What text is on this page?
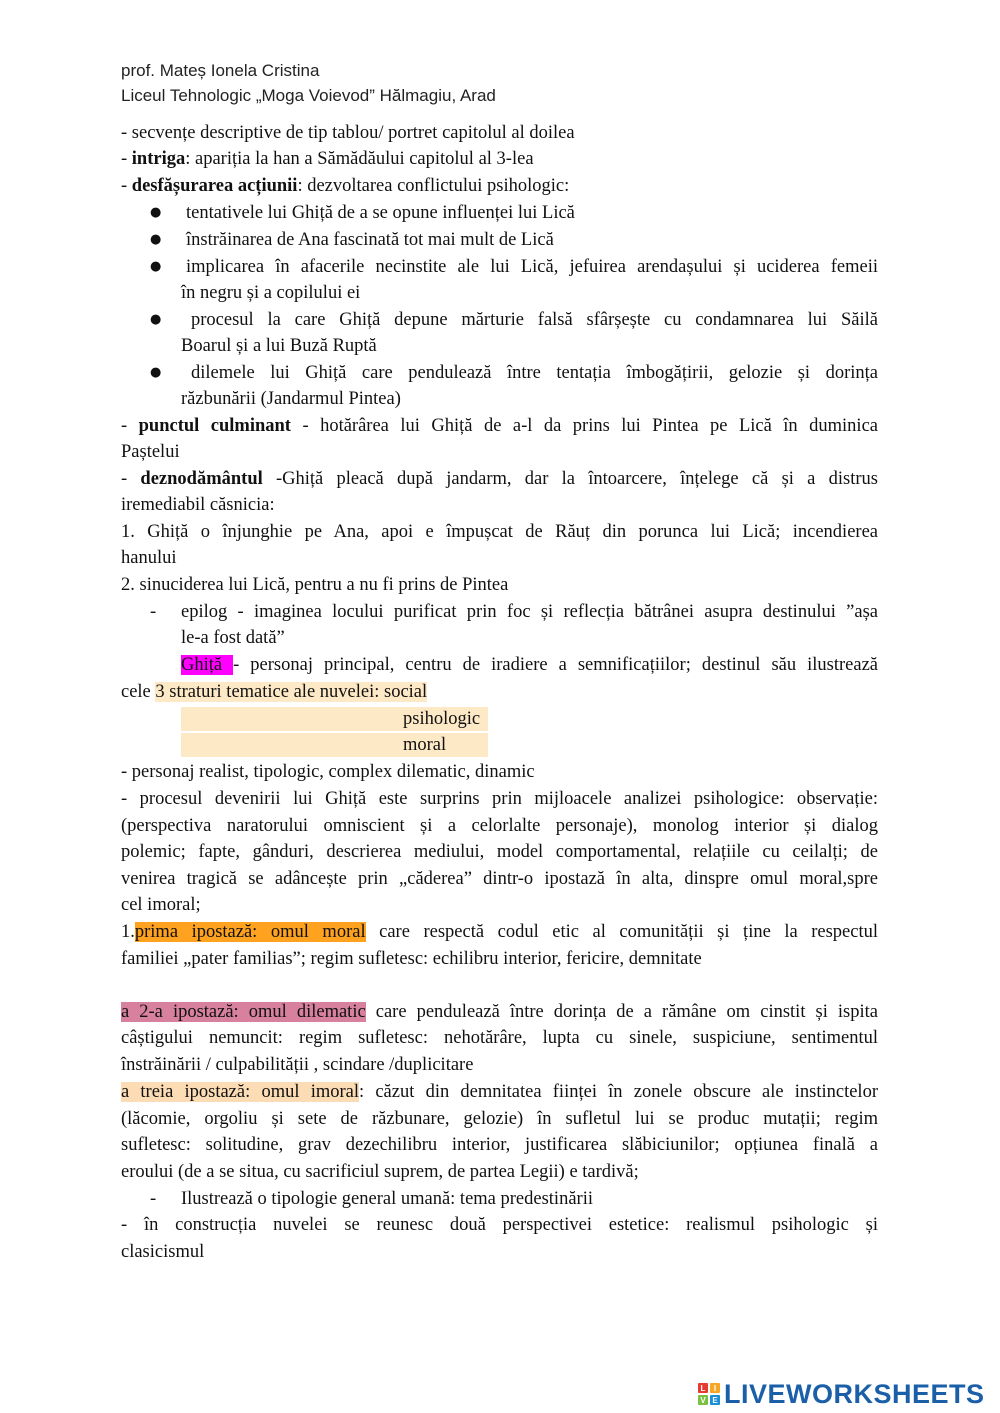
prof. Mateș Ionela Cristina
Liceul Tehnologic „Moga Voievod” Hălmagiu, Arad
- secvențe descriptive de tip tablou/ portret capitolul al doilea
- intriga: apariția la han a Sămădăului capitolul al 3-lea
- desfășurarea acțiunii: dezvoltarea conflictului psihologic:
● tentativele lui Ghiță de a se opune influenței lui Lică
● înstrăinarea de Ana fascinată tot mai mult de Lică
● implicarea în afacerile necinstite ale lui Lică, jefuirea arendașului și uciderea femeii
în negru și a copilului ei
● procesul la care Ghiță depune mărturie falsă sfârșește cu condamnarea lui Săilă
Boarul și a lui Buză Ruptă
● dilemele lui Ghiță care pendulează între tentația îmbogățirii, gelozie și dorința
răzbunării (Jandarmul Pintea)
- punctul culminant - hotărârea lui Ghiță de a-l da prins lui Pintea pe Lică în duminica
Paștelui
- deznodământul -Ghiță pleacă după jandarm, dar la întoarcere, înțelege că și a distrus
iremediabil căsnicia:
1. Ghiță o înjunghie pe Ana, apoi e împușcat de Răuț din porunca lui Lică; incendierea
hanului
2. sinuciderea lui Lică, pentru a nu fi prins de Pintea
- epilog - imaginea locului purificat prin foc și reflecția bătrânei asupra destinului ”așa
le-a fost dată”
Ghiță - personaj principal, centru de iradiere a semnificațiilor; destinul său ilustrează
cele 3 straturi tematice ale nuvelei: social
psihologic
moral
- personaj realist, tipologic, complex dilematic, dinamic
- procesul devenirii lui Ghiță este surprins prin mijloacele analizei psihologice: observație:
(perspectiva naratorului omniscient și a celorlalte personaje), monolog interior și dialog
polemic; fapte, gânduri, descrierea mediului, model comportamental, relațiile cu ceilalți; de
venirea tragică se adâncește prin „căderea” dintr-o ipostază în alta, dinspre omul moral,spre
cel imoral;
1.prima ipostază: omul moral care respectă codul etic al comunității și ține la respectul
familiei „pater familias”; regim sufletesc: echilibru interior, fericire, demnitate
a 2-a ipostază: omul dilematic care pendulează între dorința de a rămâne om cinstit și ispita
câștigului nemuncit: regim sufletesc: nehotărâre, lupta cu sinele, suspiciune, sentimentul
înstrăinării / culpabilității , scindare /duplicitare
a treia ipostază: omul imoral: căzut din demnitatea ființei în zonele obscure ale instinctelor
(lăcomie, orgoliu și sete de răzbunare, gelozie) în sufletul lui se produc mutații; regim
sufletesc: solitudine, grav dezechilibru interior, justificarea slăbiciunilor; opțiunea finală a
eroului (de a se situa, cu sacrificiul suprem, de partea Legii) e tardivă;
- Ilustrează o tipologie general umană: tema predestinării
- în construcția nuvelei se reunesc două perspectivei estetice: realismul psihologic și
clasicismul
L	I
V E LIVEWORKSHEETS
